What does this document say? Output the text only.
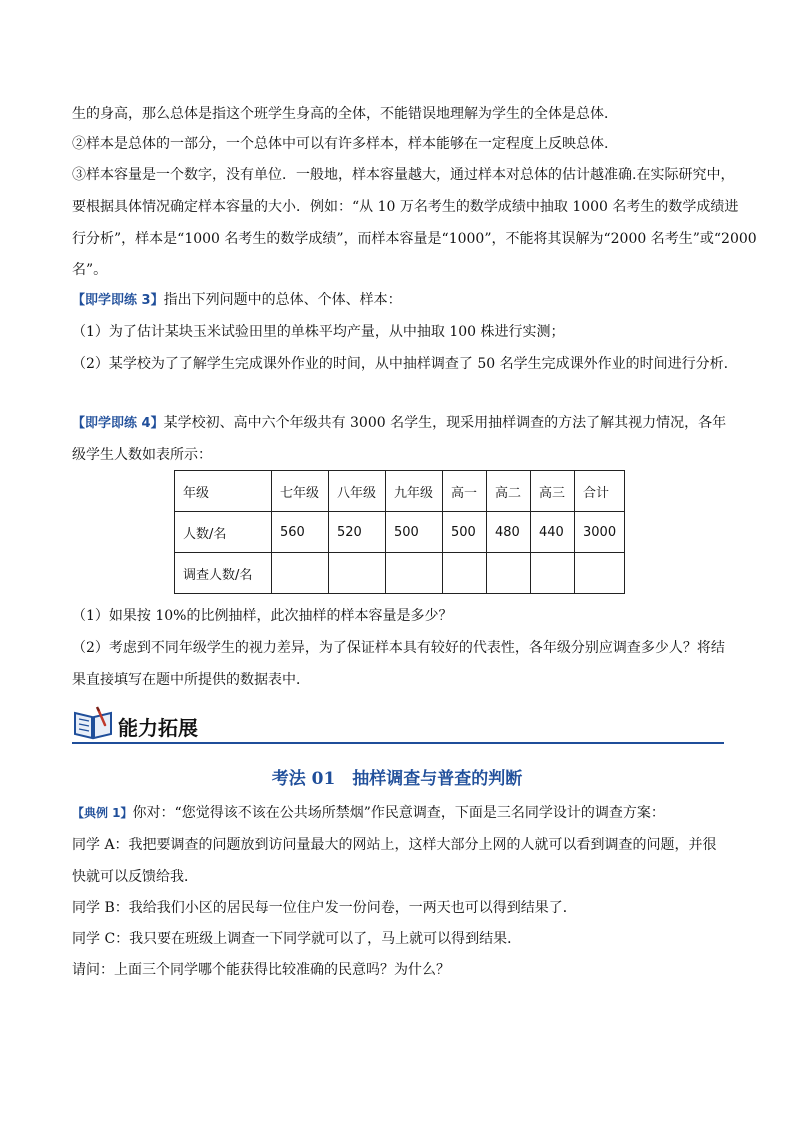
生的身高，那么总体是指这个班学生身高的全体，不能错误地理解为学生的全体是总体．
②样本是总体的一部分，一个总体中可以有许多样本，样本能够在一定程度上反映总体.
③样本容量是一个数字，没有单位．一般地，样本容量越大，通过样本对总体的估计越准确.在实际研究中，
要根据具体情况确定样本容量的大小．例如：“从 10 万名考生的数学成绩中抽取 1000 名考生的数学成绩进
行分析”，样本是“1000 名考生的数学成绩”，而样本容量是“1000”，不能将其误解为“2000 名考生”或“2000
名”。
【即学即练 3】指出下列问题中的总体、个体、样本：
（1）为了估计某块玉米试验田里的单株平均产量，从中抽取 100 株进行实测；
（2）某学校为了了解学生完成课外作业的时间，从中抽样调查了 50 名学生完成课外作业的时间进行分析.
【即学即练 4】某学校初、高中六个年级共有 3000 名学生，现采用抽样调查的方法了解其视力情况，各年
级学生人数如表所示：
年级	七年级	八年级	九年级	高一	高二	高三	合计
人数/名	560	520	500	500	480	440	3000
调查人数/名							
（1）如果按 10%的比例抽样，此次抽样的样本容量是多少？
（2）考虑到不同年级学生的视力差异，为了保证样本具有较好的代表性，各年级分别应调查多少人？将结
果直接填写在题中所提供的数据表中．
能力拓展
考法 01　抽样调查与普查的判断
【典例 1】你对：“您觉得该不该在公共场所禁烟”作民意调查，下面是三名同学设计的调查方案：
同学 A：我把要调查的问题放到访问量最大的网站上，这样大部分上网的人就可以看到调查的问题，并很
快就可以反馈给我．
同学 B：我给我们小区的居民每一位住户发一份问卷，一两天也可以得到结果了．
同学 C：我只要在班级上调查一下同学就可以了，马上就可以得到结果．
请问：上面三个同学哪个能获得比较准确的民意吗？为什么？
